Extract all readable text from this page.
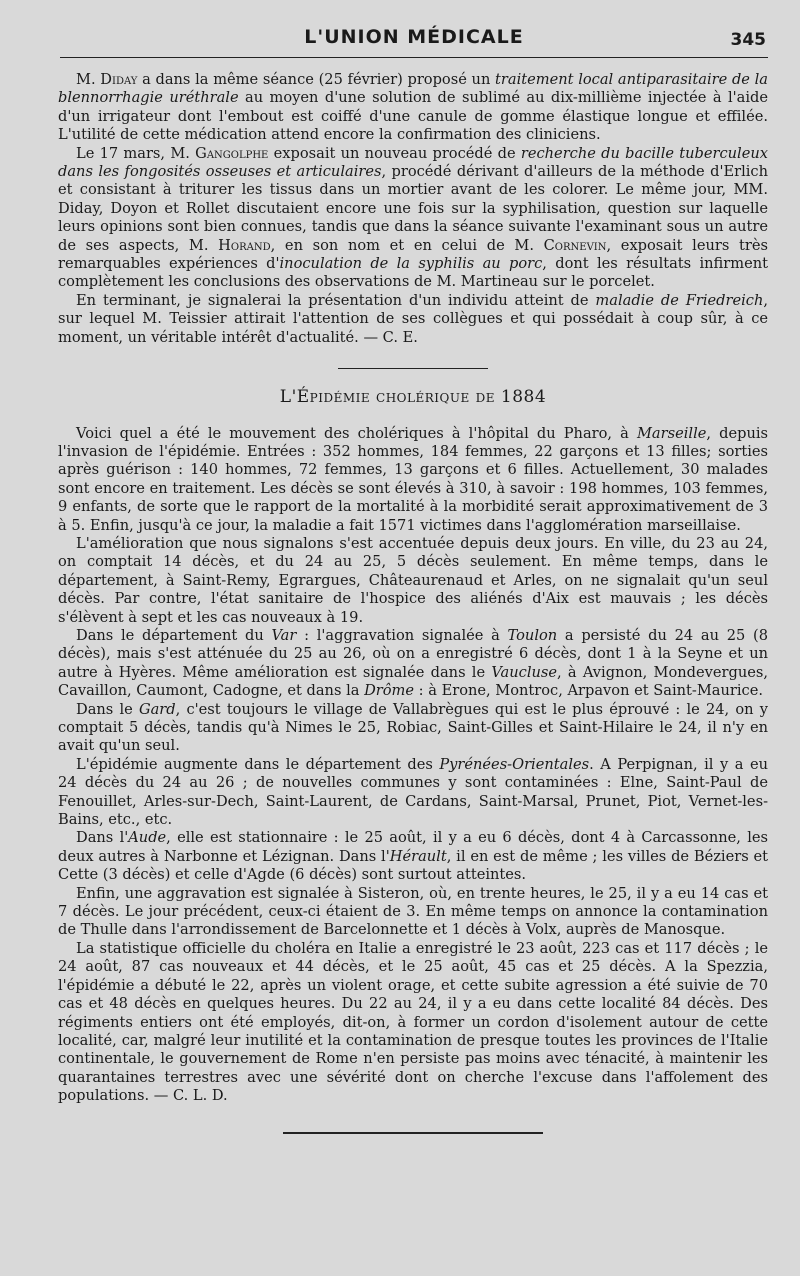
L'UNION MÉDICALE	345

M. Diday a dans la même séance (25 février) proposé un traitement local antiparasitaire de la blennorrhagie uréthrale au moyen d'une solution de sublimé au dix-millième injectée à l'aide d'un irrigateur dont l'embout est coiffé d'une canule de gomme élastique longue et effilée. L'utilité de cette médication attend encore la confirmation des cliniciens.

Le 17 mars, M. Gangolphe exposait un nouveau procédé de recherche du bacille tuberculeux dans les fongosités osseuses et articulaires, procédé dérivant d'ailleurs de la méthode d'Erlich et consistant à triturer les tissus dans un mortier avant de les colorer. Le même jour, MM. Diday, Doyon et Rollet discutaient encore une fois sur la syphilisation, question sur laquelle leurs opinions sont bien connues, tandis que dans la séance suivante l'examinant sous un autre de ses aspects, M. Horand, en son nom et en celui de M. Cornevin, exposait leurs très remarquables expériences d'inoculation de la syphilis au porc, dont les résultats infirment complètement les conclusions des observations de M. Martineau sur le porcelet.

En terminant, je signalerai la présentation d'un individu atteint de maladie de Friedreich, sur lequel M. Teissier attirait l'attention de ses collègues et qui possédait à coup sûr, à ce moment, un véritable intérêt d'actualité. — C. E.

L'Épidémie cholérique de 1884

Voici quel a été le mouvement des cholériques à l'hôpital du Pharo, à Marseille, depuis l'invasion de l'épidémie. Entrées : 352 hommes, 184 femmes, 22 garçons et 13 filles; sorties après guérison : 140 hommes, 72 femmes, 13 garçons et 6 filles. Actuellement, 30 malades sont encore en traitement. Les décès se sont élevés à 310, à savoir : 198 hommes, 103 femmes, 9 enfants, de sorte que le rapport de la mortalité à la morbidité serait approximativement de 3 à 5. Enfin, jusqu'à ce jour, la maladie a fait 1571 victimes dans l'agglomération marseillaise.

L'amélioration que nous signalons s'est accentuée depuis deux jours. En ville, du 23 au 24, on comptait 14 décès, et du 24 au 25, 5 décès seulement. En même temps, dans le département, à Saint-Remy, Egrargues, Châteaurenaud et Arles, on ne signalait qu'un seul décès. Par contre, l'état sanitaire de l'hospice des aliénés d'Aix est mauvais ; les décès s'élèvent à sept et les cas nouveaux à 19.

Dans le département du Var : l'aggravation signalée à Toulon a persisté du 24 au 25 (8 décès), mais s'est atténuée du 25 au 26, où on a enregistré 6 décès, dont 1 à la Seyne et un autre à Hyères. Même amélioration est signalée dans le Vaucluse, à Avignon, Mondevergues, Cavaillon, Caumont, Cadogne, et dans la Drôme : à Erone, Montroc, Arpavon et Saint-Maurice.

Dans le Gard, c'est toujours le village de Vallabrègues qui est le plus éprouvé : le 24, on y comptait 5 décès, tandis qu'à Nimes le 25, Robiac, Saint-Gilles et Saint-Hilaire le 24, il n'y en avait qu'un seul.

L'épidémie augmente dans le département des Pyrénées-Orientales. A Perpignan, il y a eu 24 décès du 24 au 26 ; de nouvelles communes y sont contaminées : Elne, Saint-Paul de Fenouillet, Arles-sur-Dech, Saint-Laurent, de Cardans, Saint-Marsal, Prunet, Piot, Vernet-les-Bains, etc., etc.

Dans l'Aude, elle est stationnaire : le 25 août, il y a eu 6 décès, dont 4 à Carcassonne, les deux autres à Narbonne et Lézignan. Dans l'Hérault, il en est de même ; les villes de Béziers et Cette (3 décès) et celle d'Agde (6 décès) sont surtout atteintes.

Enfin, une aggravation est signalée à Sisteron, où, en trente heures, le 25, il y a eu 14 cas et 7 décès. Le jour précédent, ceux-ci étaient de 3. En même temps on annonce la contamination de Thulle dans l'arrondissement de Barcelonnette et 1 décès à Volx, auprès de Manosque.

La statistique officielle du choléra en Italie a enregistré le 23 août, 223 cas et 117 décès ; le 24 août, 87 cas nouveaux et 44 décès, et le 25 août, 45 cas et 25 décès. A la Spezzia, l'épidémie a débuté le 22, après un violent orage, et cette subite agression a été suivie de 70 cas et 48 décès en quelques heures. Du 22 au 24, il y a eu dans cette localité 84 décès. Des régiments entiers ont été employés, dit-on, à former un cordon d'isolement autour de cette localité, car, malgré leur inutilité et la contamination de presque toutes les provinces de l'Italie continentale, le gouvernement de Rome n'en persiste pas moins avec ténacité, à maintenir les quarantaines terrestres avec une sévérité dont on cherche l'excuse dans l'affolement des populations. — C. L. D.
